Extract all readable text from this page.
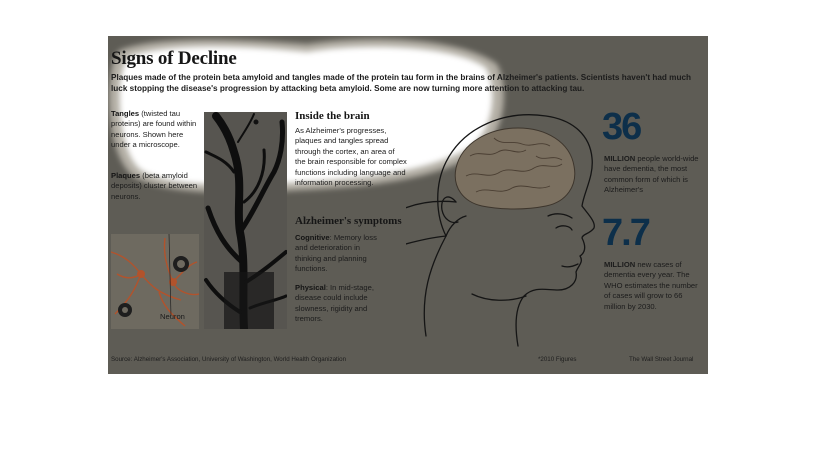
Signs of Decline
Plaques made of the protein beta amyloid and tangles made of the protein tau form in the brains of Alzheimer's patients. Scientists haven't had much luck stopping the disease's progression by attacking beta amyloid. Some are now turning more attention to attacking tau.
Tangles (twisted tau proteins) are found within neurons. Shown here under a microscope.
Plaques (beta amyloid deposits) cluster between neurons.
Neuron
Inside the brain
As Alzheimer's progresses, plaques and tangles spread through the cortex, an area of the brain responsible for complex functions including language and information processing.
Alzheimer's symptoms
Cognitive: Memory loss and deterioration in thinking and planning functions.
Physical: In mid-stage, disease could include slowness, rigidity and tremors.
36
MILLION people world-wide have dementia, the most common form of which is Alzheimer's
7.7
MILLION new cases of dementia every year. The WHO estimates the number of cases will grow to 66 million by 2030.
Source: Alzheimer's Association, University of Washington, World Health Organization	*2010 Figures	The Wall Street Journal
